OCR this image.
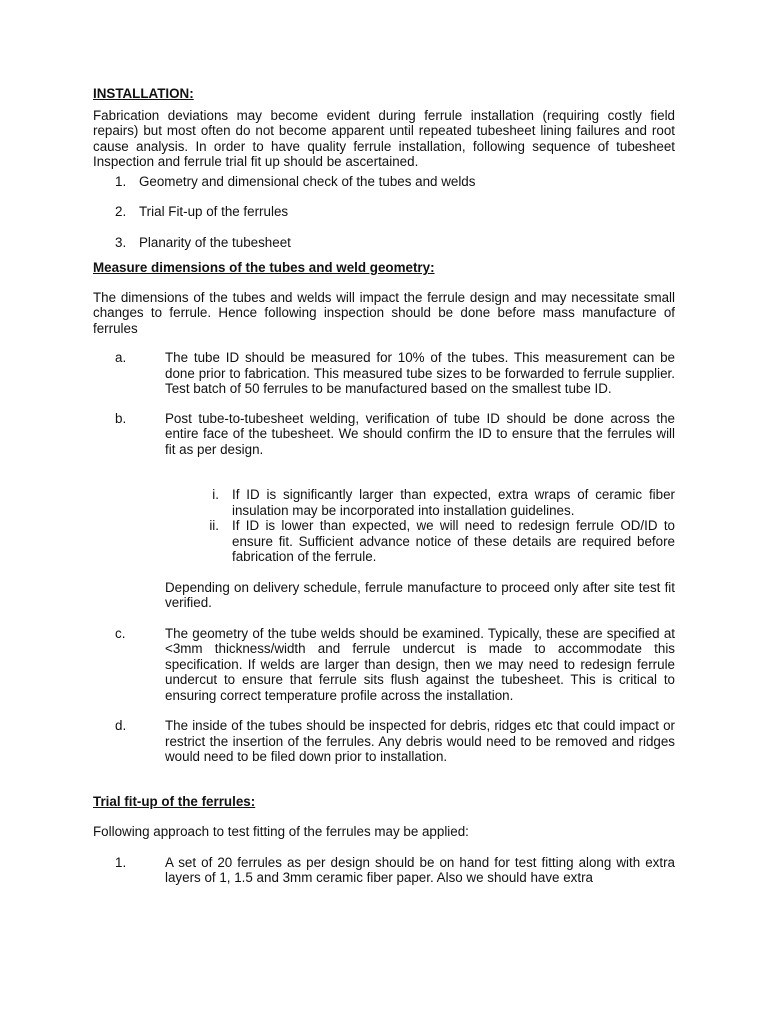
INSTALLATION:

Fabrication deviations may become evident during ferrule installation (requiring costly field repairs) but most often do not become apparent until repeated tubesheet lining failures and root cause analysis. In order to have quality ferrule installation, following sequence of tubesheet Inspection and ferrule trial fit up should be ascertained.

1. Geometry and dimensional check of the tubes and welds
2. Trial Fit-up of the ferrules
3. Planarity of the tubesheet

Measure dimensions of the tubes and weld geometry:

The dimensions of the tubes and welds will impact the ferrule design and may necessitate small changes to ferrule. Hence following inspection should be done before mass manufacture of ferrules

a.	The tube ID should be measured for 10% of the tubes. This measurement can be done prior to fabrication. This measured tube sizes to be forwarded to ferrule supplier. Test batch of 50 ferrules to be manufactured based on the smallest tube ID.
b.	Post tube-to-tubesheet welding, verification of tube ID should be done across the entire face of the tubesheet. We should confirm the ID to ensure that the ferrules will fit as per design.
i. If ID is significantly larger than expected, extra wraps of ceramic fiber insulation may be incorporated into installation guidelines.
ii. If ID is lower than expected, we will need to redesign ferrule OD/ID to ensure fit. Sufficient advance notice of these details are required before fabrication of the ferrule.

Depending on delivery schedule, ferrule manufacture to proceed only after site test fit verified.

c.	The geometry of the tube welds should be examined. Typically, these are specified at <3mm thickness/width and ferrule undercut is made to accommodate this specification. If welds are larger than design, then we may need to redesign ferrule undercut to ensure that ferrule sits flush against the tubesheet. This is critical to ensuring correct temperature profile across the installation.
d.	The inside of the tubes should be inspected for debris, ridges etc that could impact or restrict the insertion of the ferrules. Any debris would need to be removed and ridges would need to be filed down prior to installation.

Trial fit-up of the ferrules:

Following approach to test fitting of the ferrules may be applied:

1.	A set of 20 ferrules as per design should be on hand for test fitting along with extra layers of 1, 1.5 and 3mm ceramic fiber paper. Also we should have extra
